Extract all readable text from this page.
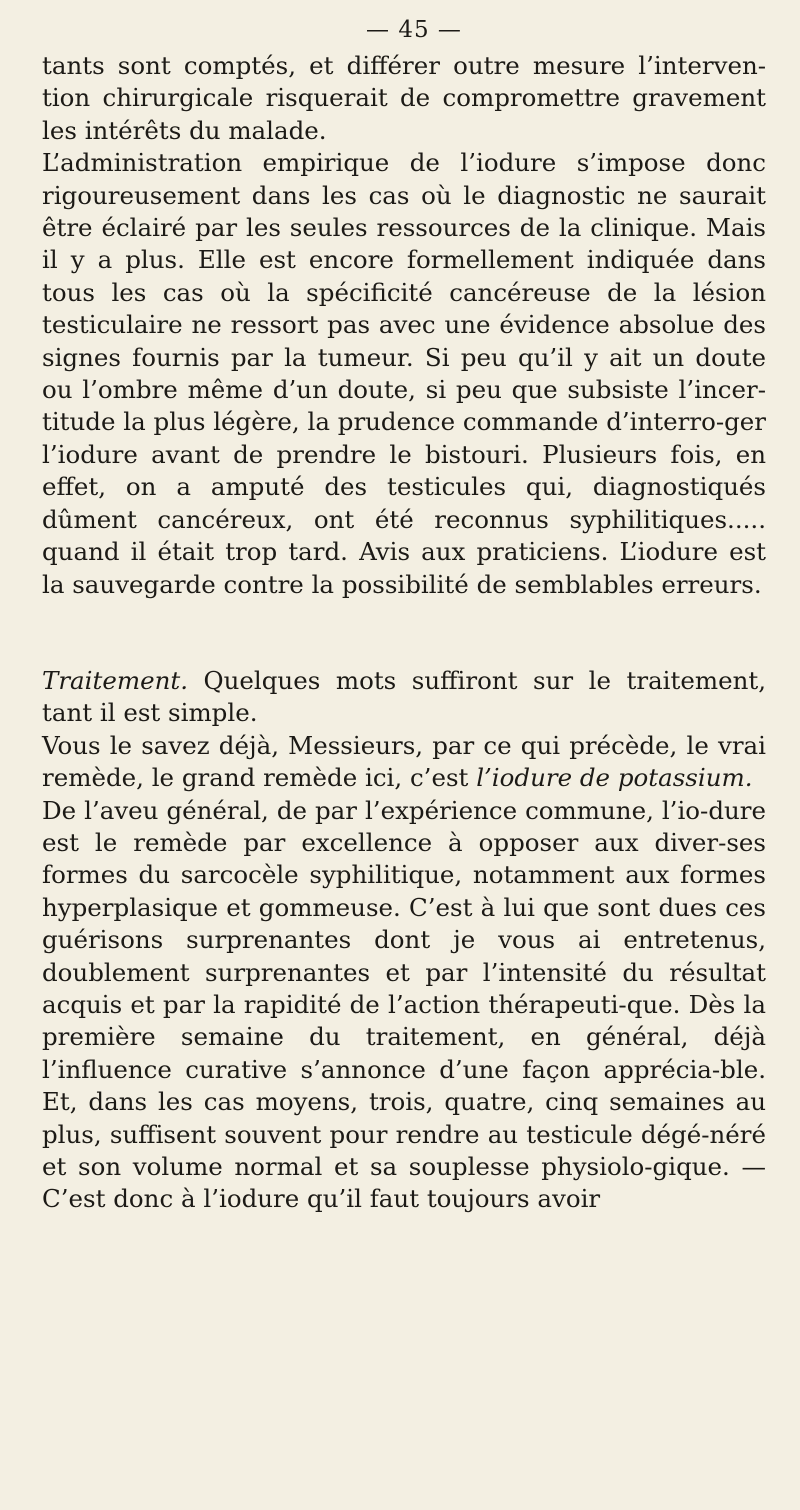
— 45 —

tants sont comptés, et différer outre mesure l’interven-tion chirurgicale risquerait de compromettre gravement les intérêts du malade.

L’administration empirique de l’iodure s’impose donc rigoureusement dans les cas où le diagnostic ne saurait être éclairé par les seules ressources de la clinique. Mais il y a plus. Elle est encore formellement indiquée dans tous les cas où la spécificité cancéreuse de la lésion testiculaire ne ressort pas avec une évidence absolue des signes fournis par la tumeur. Si peu qu’il y ait un doute ou l’ombre même d’un doute, si peu que subsiste l’incer-titude la plus légère, la prudence commande d’interro-ger l’iodure avant de prendre le bistouri. Plusieurs fois, en effet, on a amputé des testicules qui, diagnostiqués dûment cancéreux, ont été reconnus syphilitiques..... quand il était trop tard. Avis aux praticiens. L’iodure est la sauvegarde contre la possibilité de semblables erreurs.

Traitement. Quelques mots suffiront sur le traitement, tant il est simple.

Vous le savez déjà, Messieurs, par ce qui précède, le vrai remède, le grand remède ici, c’est l’iodure de potassium.

De l’aveu général, de par l’expérience commune, l’io-dure est le remède par excellence à opposer aux diver-ses formes du sarcocèle syphilitique, notamment aux formes hyperplasique et gommeuse. C’est à lui que sont dues ces guérisons surprenantes dont je vous ai entretenus, doublement surprenantes et par l’intensité du résultat acquis et par la rapidité de l’action thérapeuti-que. Dès la première semaine du traitement, en général, déjà l’influence curative s’annonce d’une façon apprécia-ble. Et, dans les cas moyens, trois, quatre, cinq semaines au plus, suffisent souvent pour rendre au testicule dégé-néré et son volume normal et sa souplesse physiolo-gique. — C’est donc à l’iodure qu’il faut toujours avoir
